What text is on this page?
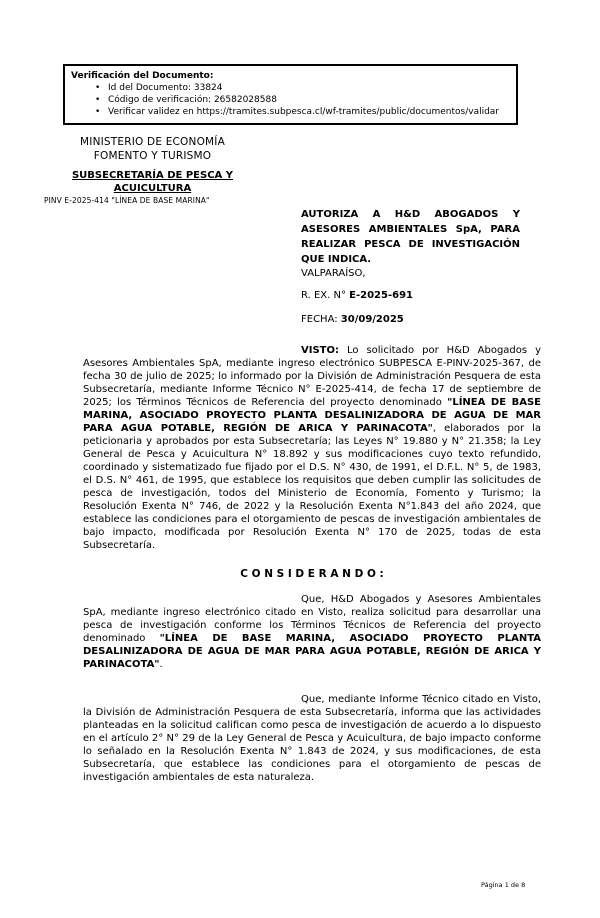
Verificación del Documento:
• Id del Documento: 33824
• Código de verificación: 26582028588
• Verificar validez en https://tramites.subpesca.cl/wf-tramites/public/documentos/validar
MINISTERIO DE ECONOMÍA
FOMENTO Y TURISMO
SUBSECRETARÍA DE PESCA Y
ACUICULTURA
PINV E-2025-414 "LÍNEA DE BASE MARINA"
AUTORIZA A H&D ABOGADOS Y ASESORES AMBIENTALES SpA, PARA REALIZAR PESCA DE INVESTIGACIÓN QUE INDICA.
VALPARAÍSO,
R. EX. N° E-2025-691
FECHA: 30/09/2025

VISTO: Lo solicitado por H&D Abogados y Asesores Ambientales SpA, mediante ingreso electrónico SUBPESCA E-PINV-2025-367, de fecha 30 de julio de 2025; lo informado por la División de Administración Pesquera de esta Subsecretaría, mediante Informe Técnico N° E-2025-414, de fecha 17 de septiembre de 2025; los Términos Técnicos de Referencia del proyecto denominado "LÍNEA DE BASE MARINA, ASOCIADO PROYECTO PLANTA DESALINIZADORA DE AGUA DE MAR PARA AGUA POTABLE, REGIÓN DE ARICA Y PARINACOTA", elaborados por la peticionaria y aprobados por esta Subsecretaría; las Leyes N° 19.880 y N° 21.358; la Ley General de Pesca y Acuicultura N° 18.892 y sus modificaciones cuyo texto refundido, coordinado y sistematizado fue fijado por el D.S. N° 430, de 1991, el D.F.L. N° 5, de 1983, el D.S. N° 461, de 1995, que establece los requisitos que deben cumplir las solicitudes de pesca de investigación, todos del Ministerio de Economía, Fomento y Turismo; la Resolución Exenta N° 746, de 2022 y la Resolución Exenta N°1.843 del año 2024, que establece las condiciones para el otorgamiento de pescas de investigación ambientales de bajo impacto, modificada por Resolución Exenta N° 170 de 2025, todas de esta Subsecretaría.

C O N S I D E R A N D O :

Que, H&D Abogados y Asesores Ambientales SpA, mediante ingreso electrónico citado en Visto, realiza solicitud para desarrollar una pesca de investigación conforme los Términos Técnicos de Referencia del proyecto denominado "LÍNEA DE BASE MARINA, ASOCIADO PROYECTO PLANTA DESALINIZADORA DE AGUA DE MAR PARA AGUA POTABLE, REGIÓN DE ARICA Y PARINACOTA".

Que, mediante Informe Técnico citado en Visto, la División de Administración Pesquera de esta Subsecretaría, informa que las actividades planteadas en la solicitud califican como pesca de investigación de acuerdo a lo dispuesto en el artículo 2° N° 29 de la Ley General de Pesca y Acuicultura, de bajo impacto conforme lo señalado en la Resolución Exenta N° 1.843 de 2024, y sus modificaciones, de esta Subsecretaría, que establece las condiciones para el otorgamiento de pescas de investigación ambientales de esta naturaleza.

Página 1 de 8
